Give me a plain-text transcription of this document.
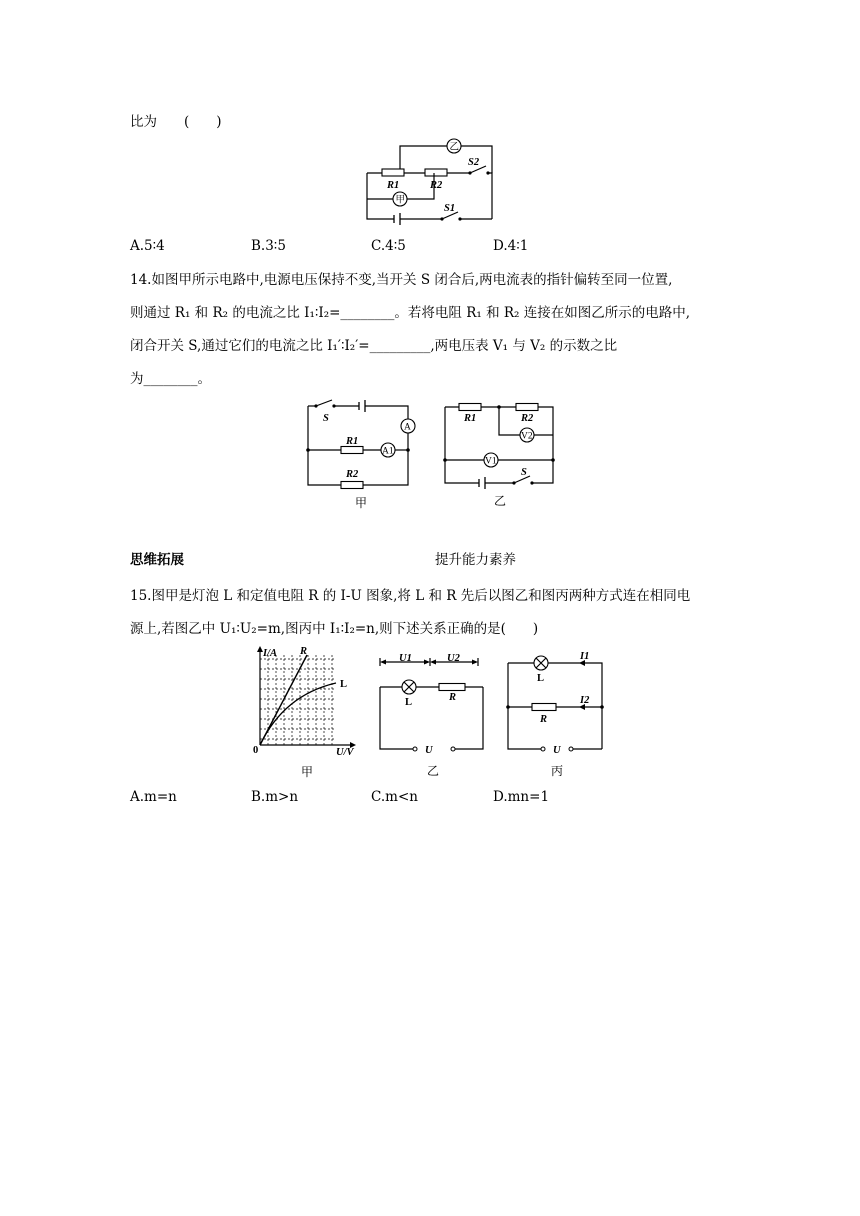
比为　　(　　)
乙
R1	R2
S2
甲
S1
A.5∶4	B.3∶5	C.4∶5	D.4∶1
14.如图甲所示电路中,电源电压保持不变,当开关 S 闭合后,两电流表的指针偏转至同一位置,
则通过 R₁ 和 R₂ 的电流之比 I₁∶I₂=________。若将电阻 R₁ 和 R₂ 连接在如图乙所示的电路中,
闭合开关 S,通过它们的电流之比 I₁′∶I₂′=_________,两电压表 V₁ 与 V₂ 的示数之比
为________。
S
A
R1
A1
R2
甲
R1	R2
V2
V1
S
乙
思维拓展	提升能力素养
15.图甲是灯泡 L 和定值电阻 R 的 I-U 图象,将 L 和 R 先后以图乙和图丙两种方式连在相同电
源上,若图乙中 U₁∶U₂=m,图丙中 I₁∶I₂=n,则下述关系正确的是(　　)
I/A
U/V
0
R
L
甲
U1	U2
L	R
U
乙
L
I1
R
I2
U
丙
A.m=n	B.m>n	C.m<n	D.mn=1
